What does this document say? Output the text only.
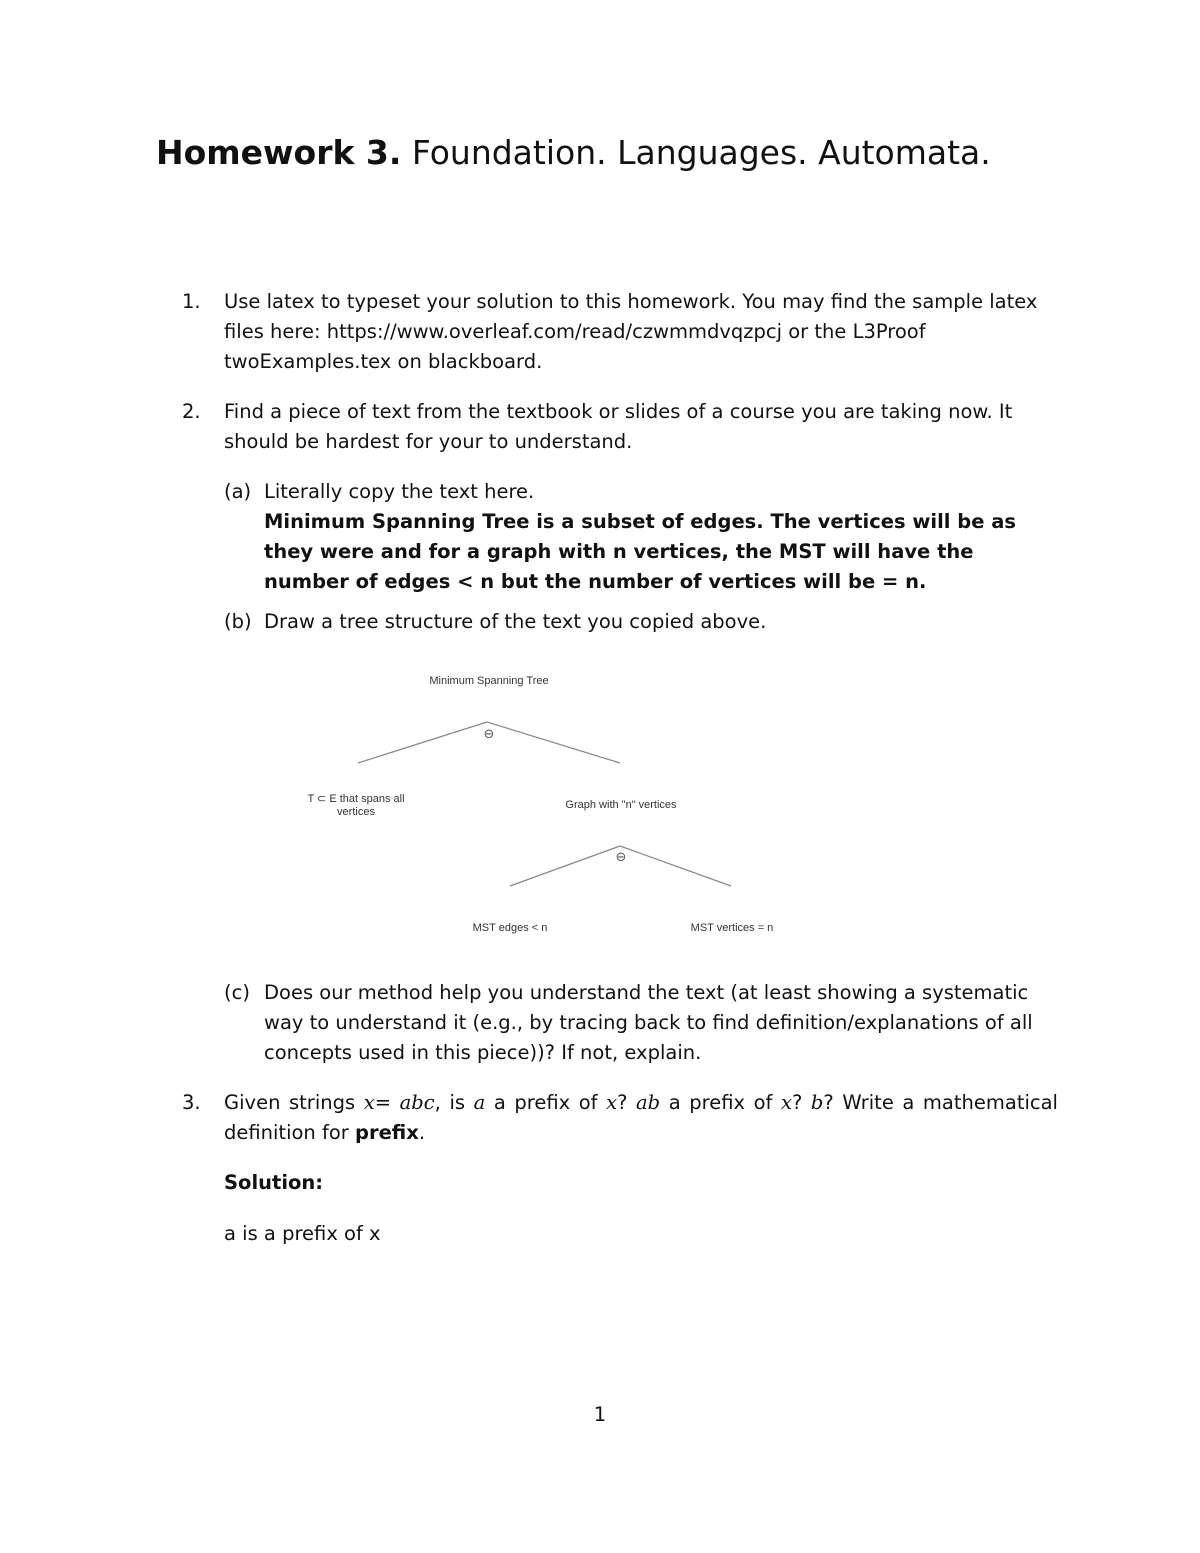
Homework 3. Foundation. Languages. Automata.
1. Use latex to typeset your solution to this homework. You may find the sample latex files here: https://www.overleaf.com/read/czwmmdvqzpcj or the L3Proof twoExamples.tex on blackboard.
2. Find a piece of text from the textbook or slides of a course you are taking now. It should be hardest for your to understand.
(a) Literally copy the text here.
Minimum Spanning Tree is a subset of edges. The vertices will be as they were and for a graph with n vertices, the MST will have the number of edges < n but the number of vertices will be = n.
(b) Draw a tree structure of the text you copied above.
Minimum Spanning Tree
⊖
T ⊂ E that spans all
vertices
Graph with "n" vertices
⊖
MST edges < n	MST vertices = n
(c) Does our method help you understand the text (at least showing a systematic way to understand it (e.g., by tracing back to find definition/explanations of all concepts used in this piece))? If not, explain.
3. Given strings x= abc, is a a prefix of x? ab a prefix of x? b? Write a mathematical definition for prefix.
Solution:
a is a prefix of x
1
